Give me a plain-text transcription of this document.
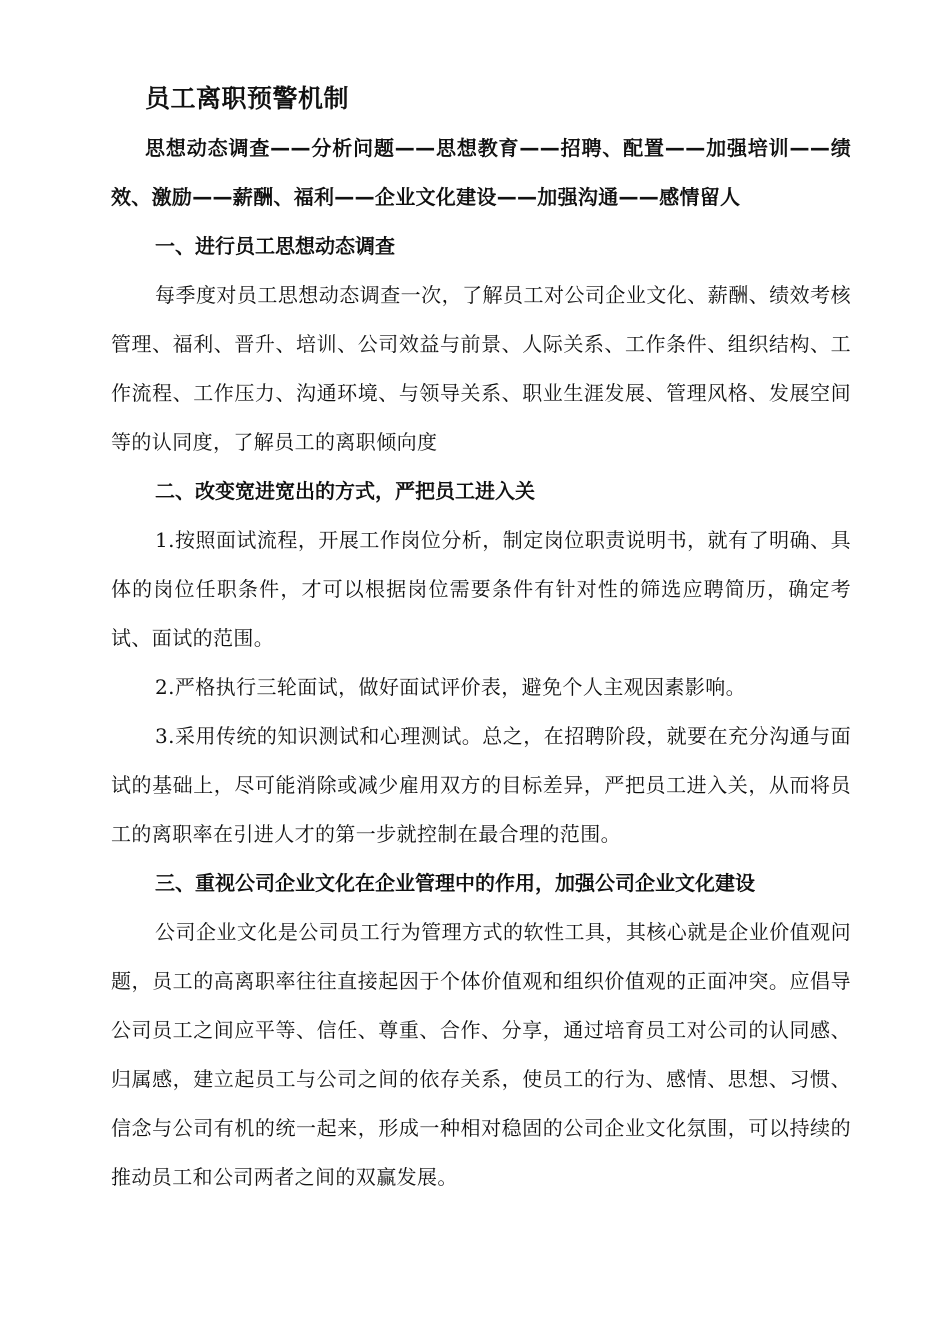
员工离职预警机制

思想动态调查——分析问题——思想教育——招聘、配置——加强培训——绩效、激励——薪酬、福利——企业文化建设——加强沟通——感情留人

一、进行员工思想动态调查

每季度对员工思想动态调查一次，了解员工对公司企业文化、薪酬、绩效考核管理、福利、晋升、培训、公司效益与前景、人际关系、工作条件、组织结构、工作流程、工作压力、沟通环境、与领导关系、职业生涯发展、管理风格、发展空间等的认同度，了解员工的离职倾向度

二、改变宽进宽出的方式，严把员工进入关

1.按照面试流程，开展工作岗位分析，制定岗位职责说明书，就有了明确、具体的岗位任职条件，才可以根据岗位需要条件有针对性的筛选应聘简历，确定考试、面试的范围。

2.严格执行三轮面试，做好面试评价表，避免个人主观因素影响。

3.采用传统的知识测试和心理测试。总之，在招聘阶段，就要在充分沟通与面试的基础上，尽可能消除或减少雇用双方的目标差异，严把员工进入关，从而将员工的离职率在引进人才的第一步就控制在最合理的范围。

三、重视公司企业文化在企业管理中的作用，加强公司企业文化建设

公司企业文化是公司员工行为管理方式的软性工具，其核心就是企业价值观问题，员工的高离职率往往直接起因于个体价值观和组织价值观的正面冲突。应倡导公司员工之间应平等、信任、尊重、合作、分享，通过培育员工对公司的认同感、归属感，建立起员工与公司之间的依存关系，使员工的行为、感情、思想、习惯、信念与公司有机的统一起来，形成一种相对稳固的公司企业文化氛围，可以持续的推动员工和公司两者之间的双赢发展。
